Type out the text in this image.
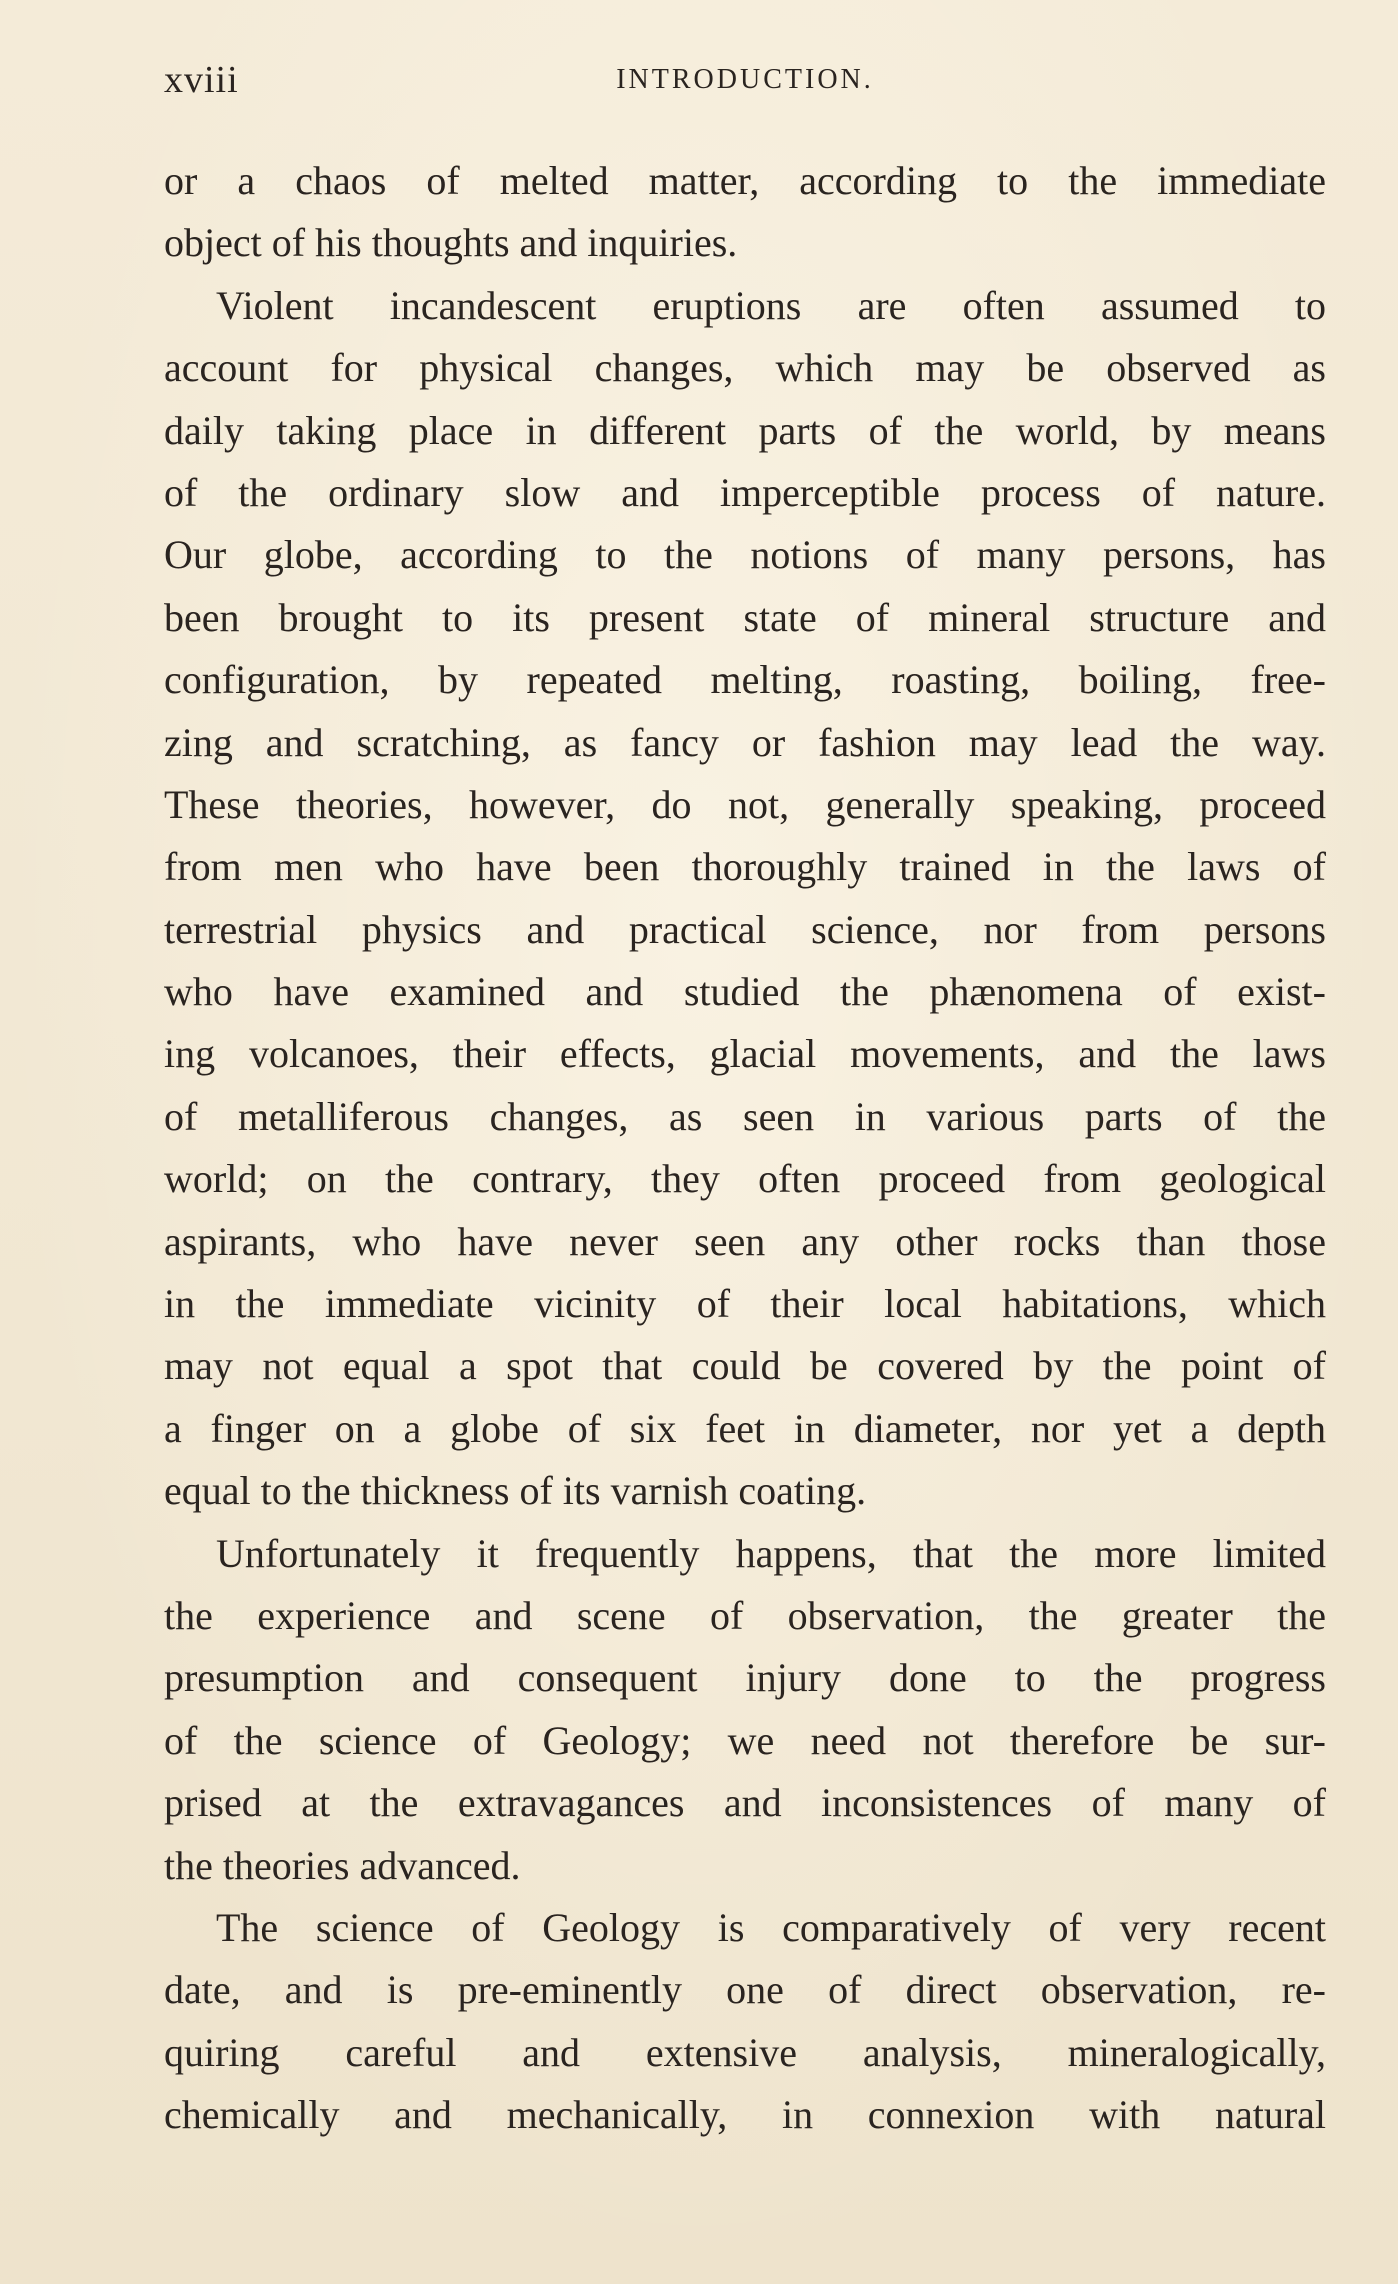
xviii	INTRODUCTION.
or a chaos of melted matter, according to the immediate
object of his thoughts and inquiries.
Violent incandescent eruptions are often assumed to
account for physical changes, which may be observed as
daily taking place in different parts of the world, by means
of the ordinary slow and imperceptible process of nature.
Our globe, according to the notions of many persons, has
been brought to its present state of mineral structure and
configuration, by repeated melting, roasting, boiling, free-
zing and scratching, as fancy or fashion may lead the way.
These theories, however, do not, generally speaking, proceed
from men who have been thoroughly trained in the laws of
terrestrial physics and practical science, nor from persons
who have examined and studied the phænomena of exist-
ing volcanoes, their effects, glacial movements, and the laws
of metalliferous changes, as seen in various parts of the
world; on the contrary, they often proceed from geological
aspirants, who have never seen any other rocks than those
in the immediate vicinity of their local habitations, which
may not equal a spot that could be covered by the point of
a finger on a globe of six feet in diameter, nor yet a depth
equal to the thickness of its varnish coating.
Unfortunately it frequently happens, that the more limited
the experience and scene of observation, the greater the
presumption and consequent injury done to the progress
of the science of Geology; we need not therefore be sur-
prised at the extravagances and inconsistences of many of
the theories advanced.
The science of Geology is comparatively of very recent
date, and is pre-eminently one of direct observation, re-
quiring careful and extensive analysis, mineralogically,
chemically and mechanically, in connexion with natural
